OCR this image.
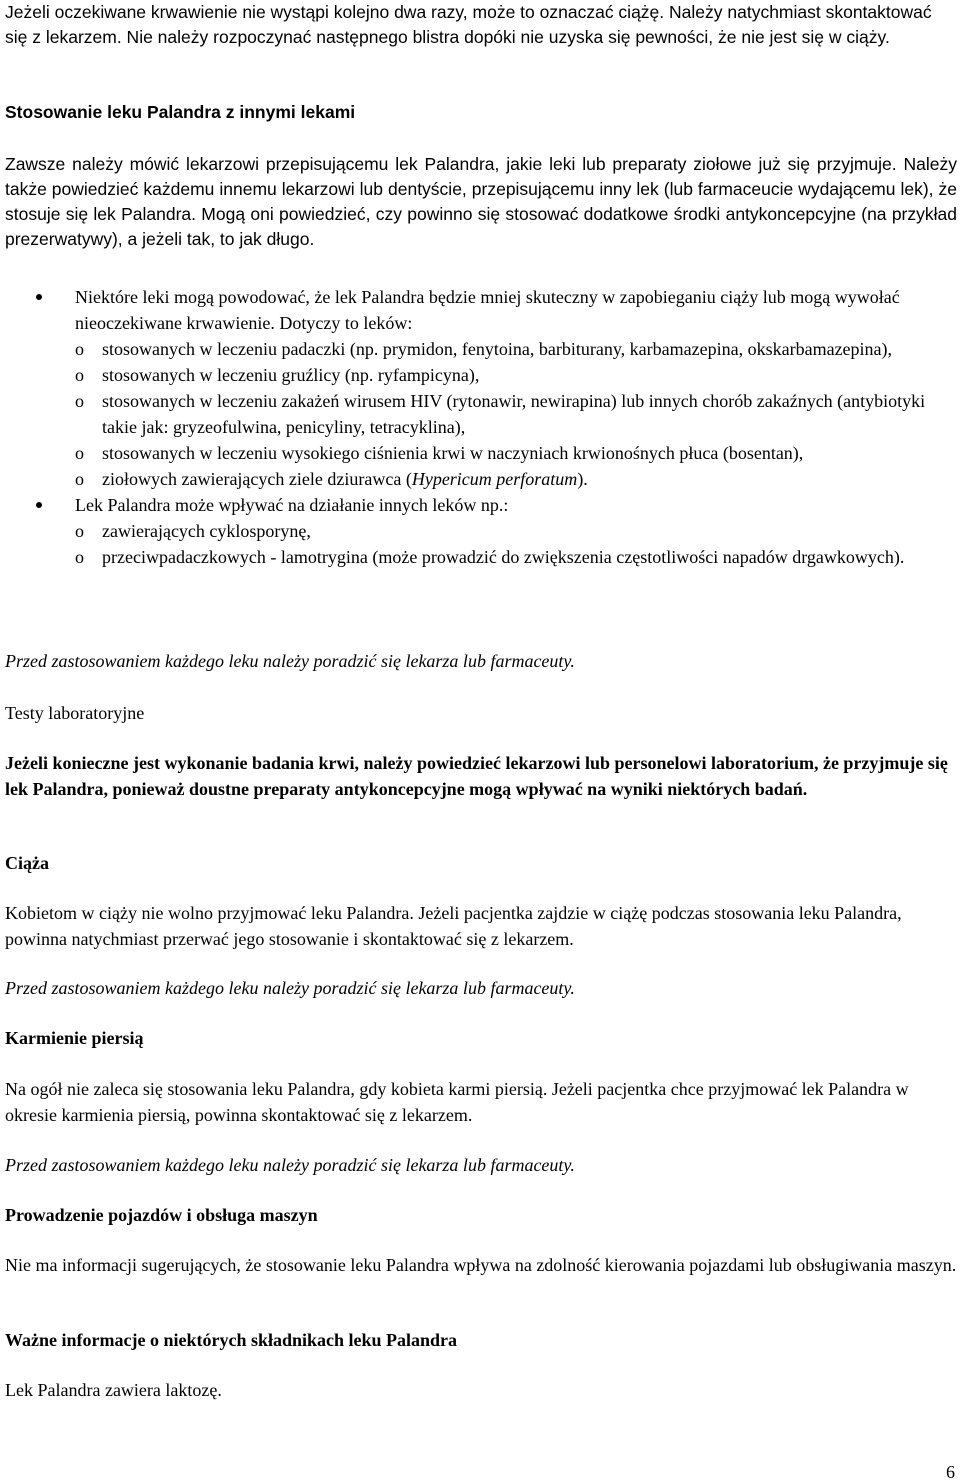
Jeżeli oczekiwane krwawienie nie wystąpi kolejno dwa razy, może to oznaczać ciążę. Należy natychmiast skontaktować się z lekarzem. Nie należy rozpoczynać następnego blistra dopóki nie uzyska się pewności, że nie jest się w ciąży.

Stosowanie leku Palandra z innymi lekami

Zawsze należy mówić lekarzowi przepisującemu lek Palandra, jakie leki lub preparaty ziołowe już się przyjmuje. Należy także powiedzieć każdemu innemu lekarzowi lub dentyście, przepisującemu inny lek (lub farmaceucie wydającemu lek), że stosuje się lek Palandra. Mogą oni powiedzieć, czy powinno się stosować dodatkowe środki antykoncepcyjne (na przykład prezerwatywy), a jeżeli tak, to jak długo.

Niektóre leki mogą powodować, że lek Palandra będzie mniej skuteczny w zapobieganiu ciąży lub mogą wywołać nieoczekiwane krwawienie. Dotyczy to leków:

o stosowanych w leczeniu padaczki (np. prymidon, fenytoina, barbiturany, karbamazepina, okskarbamazepina),
o stosowanych w leczeniu gruźlicy (np. ryfampicyna),
o stosowanych w leczeniu zakażeń wirusem HIV (rytonawir, newirapina) lub innych chorób zakaźnych (antybiotyki takie jak: gryzeofulwina, penicyliny, tetracyklina),
o stosowanych w leczeniu wysokiego ciśnienia krwi w naczyniach krwionośnych płuca (bosentan),
o ziołowych zawierających ziele dziurawca (Hypericum perforatum).

Lek Palandra może wpływać na działanie innych leków np.:

o zawierających cyklosporynę,
o przeciwpadaczkowych - lamotrygina (może prowadzić do zwiększenia częstotliwości napadów drgawkowych).

Przed zastosowaniem każdego leku należy poradzić się lekarza lub farmaceuty.

Testy laboratoryjne

Jeżeli konieczne jest wykonanie badania krwi, należy powiedzieć lekarzowi lub personelowi laboratorium, że przyjmuje się lek Palandra, ponieważ doustne preparaty antykoncepcyjne mogą wpływać na wyniki niektórych badań.

Ciąża

Kobietom w ciąży nie wolno przyjmować leku Palandra. Jeżeli pacjentka zajdzie w ciążę podczas stosowania leku Palandra, powinna natychmiast przerwać jego stosowanie i skontaktować się z lekarzem.

Przed zastosowaniem każdego leku należy poradzić się lekarza lub farmaceuty.

Karmienie piersią

Na ogół nie zaleca się stosowania leku Palandra, gdy kobieta karmi piersią. Jeżeli pacjentka chce przyjmować lek Palandra w okresie karmienia piersią, powinna skontaktować się z lekarzem.

Przed zastosowaniem każdego leku należy poradzić się lekarza lub farmaceuty.

Prowadzenie pojazdów i obsługa maszyn

Nie ma informacji sugerujących, że stosowanie leku Palandra wpływa na zdolność kierowania pojazdami lub obsługiwania maszyn.

Ważne informacje o niektórych składnikach leku Palandra

Lek Palandra zawiera laktozę.

6
